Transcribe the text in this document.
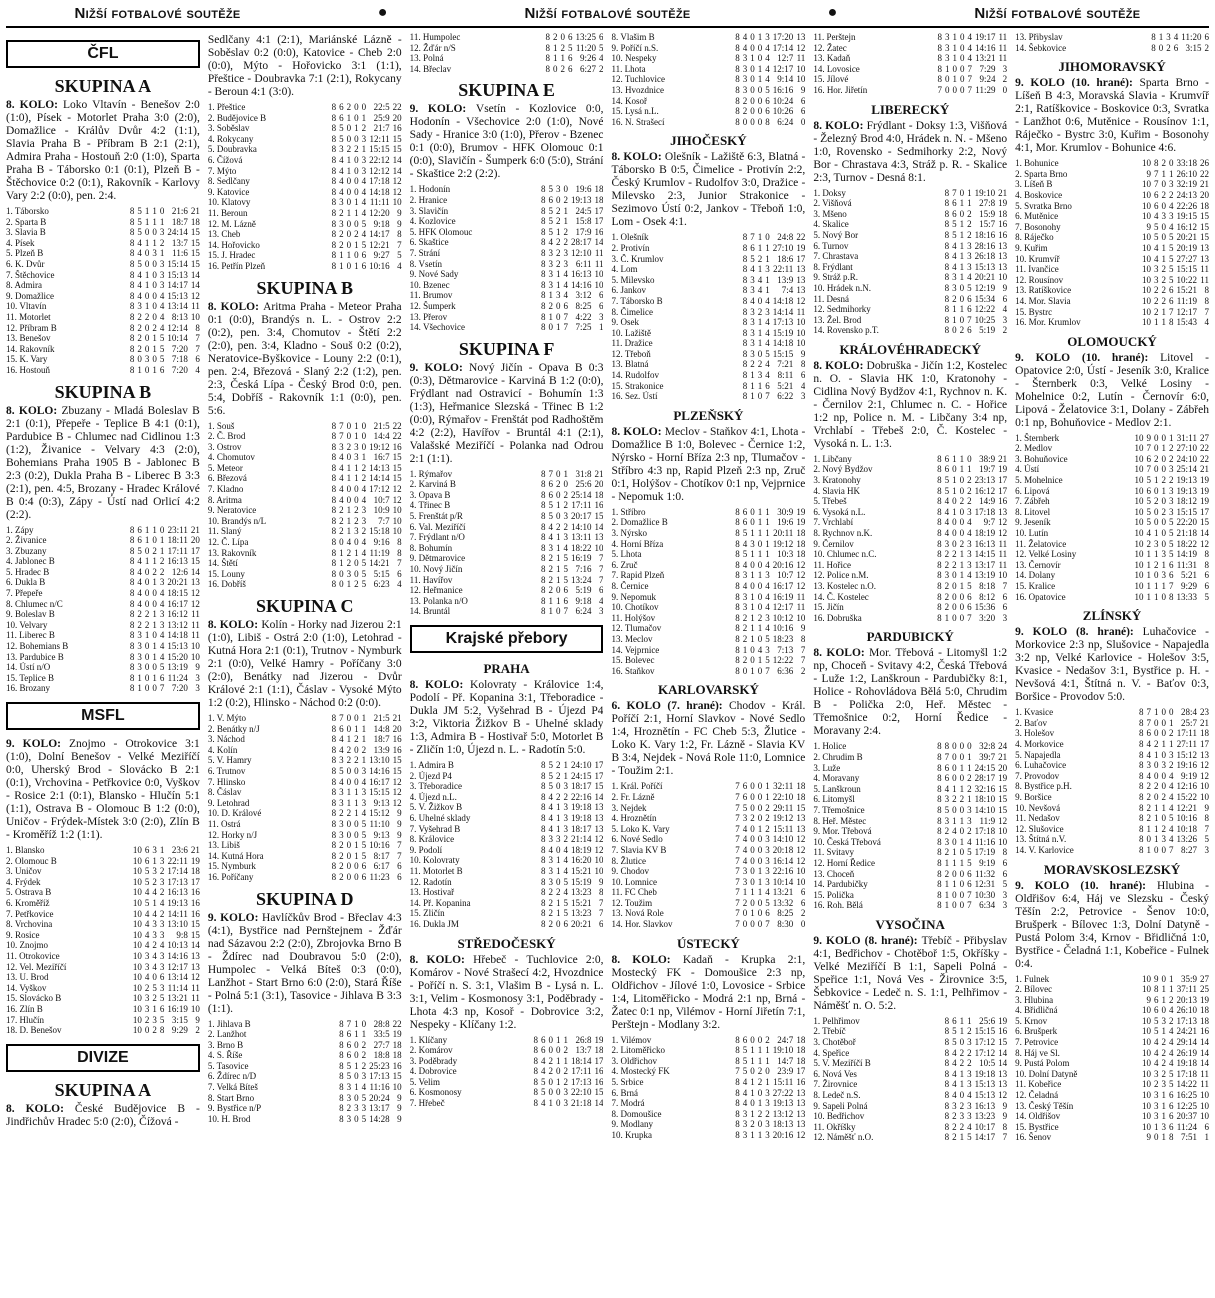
Nižší fotbalové soutěže	●	Nižší fotbalové soutěže	●	Nižší fotbalové soutěže
ČFL
SKUPINA A
8. KOLO: Loko Vltavín - Benešov 2:0 (1:0), Písek - Motorlet Praha 3:0 (2:0), Domažlice - Králův Dvůr 4:2 (1:1), Slavia Praha B - Příbram B 2:1 (2:1), Admira Praha - Hostouň 2:0 (1:0), Sparta Praha B - Táborsko 0:1 (0:1), Plzeň B - Štěchovice 0:2 (0:1), Rakovník - Karlovy Vary 2:2 (0:0), pen. 2:4.
1. Táborsko	8	5	1	1	0	21:6	21
2. Sparta B	8	5	1	1	1	18:7	18
3. Slavia B	8	5	0	0	3	24:14	15
4. Písek	8	4	1	1	2	13:7	15
5. Plzeň B	8	4	0	3	1	11:6	15
6. K. Dvůr	8	5	0	0	3	15:14	15
7. Štěchovice	8	4	1	0	3	15:13	14
8. Admira	8	4	1	0	3	14:17	14
9. Domažlice	8	4	0	0	4	15:13	12
10. Vltavín	8	3	1	0	4	13:14	11
11. Motorlet	8	2	2	0	4	8:13	10
12. Příbram B	8	2	0	2	4	12:14	8
13. Benešov	8	2	0	1	5	10:14	7
14. Rakovník	8	2	0	1	5	7:20	7
15. K. Vary	8	0	3	0	5	7:18	6
16. Hostouň	8	1	0	1	6	7:20	4
SKUPINA B
8. KOLO: Zbuzany - Mladá Boleslav B 2:1 (0:1), Přepeře - Teplice B 4:1 (0:1), Pardubice B - Chlumec nad Cidlinou 1:3 (1:2), Živanice - Velvary 4:3 (2:0), Bohemians Praha 1905 B - Jablonec B 2:3 (0:2), Dukla Praha B - Liberec B 3:3 (2:1), pen. 4:5, Brozany - Hradec Králové B 0:4 (0:3), Zápy - Ústí nad Orlicí 4:2 (2:2).
1. Zápy	8	6	1	1	0	23:11	21
2. Živanice	8	6	1	0	1	18:11	20
3. Zbuzany	8	5	0	2	1	17:11	17
4. Jablonec B	8	4	1	1	2	16:13	15
5. Hradec B	8	4	0	2	2	12:6	14
6. Dukla B	8	4	0	1	3	20:21	13
7. Přepeře	8	4	0	0	4	18:15	12
8. Chlumec n/C	8	4	0	0	4	16:17	12
9. Boleslav B	8	2	2	1	3	16:12	11
10. Velvary	8	2	2	1	3	13:12	11
11. Liberec B	8	3	1	0	4	14:18	11
12. Bohemians B	8	3	0	1	4	15:13	10
13. Pardubice B	8	3	0	1	4	15:20	10
14. Ústí n/O	8	3	0	0	5	13:19	9
15. Teplice B	8	1	0	1	6	11:24	3
16. Brozany	8	1	0	0	7	7:20	3
MSFL
9. KOLO: Znojmo - Otrokovice 3:1 (1:0), Dolní Benešov - Velké Meziříčí 0:0, Uherský Brod - Slovácko B 2:1 (0:1), Vrchovina - Petřkovice 0:0, Vyškov - Rosice 2:1 (0:1), Blansko - Hlučín 5:1 (1:1), Ostrava B - Olomouc B 1:2 (0:0), Uničov - Frýdek-Místek 3:0 (2:0), Zlín B - Kroměříž 1:2 (1:1).
1. Blansko	10	6	3	1	23:6	21
2. Olomouc B	10	6	1	3	22:11	19
3. Uničov	10	5	3	2	17:14	18
4. Frýdek	10	5	2	3	17:13	17
5. Ostrava B	10	4	4	2	16:13	16
6. Kroměříž	10	5	1	4	19:13	16
7. Petřkovice	10	4	4	2	14:11	16
8. Vrchovina	10	4	3	3	13:10	15
9. Rosice	10	4	3	3	9:8	15
10. Znojmo	10	4	2	4	10:13	14
11. Otrokovice	10	3	4	3	14:16	13
12. Vel. Meziříčí	10	3	4	3	12:17	13
13. U. Brod	10	4	0	6	13:14	12
14. Vyškov	10	2	5	3	11:14	11
15. Slovácko B	10	3	2	5	13:21	11
16. Zlín B	10	3	1	6	16:19	10
17. Hlučín	10	2	3	5	3:15	9
18. D. Benešov	10	0	2	8	9:29	2
DIVIZE
SKUPINA A
8. KOLO: České Budějovice B - Jindřichův Hradec 5:0 (2:0), Čížová -
Sedlčany 4:1 (2:1), Mariánské Lázně - Soběslav 0:2 (0:0), Katovice - Cheb 2:0 (0:0), Mýto - Hořovicko 3:1 (1:1), Přeštice - Doubravka 7:1 (2:1), Rokycany - Beroun 4:1 (3:0).
1. Přeštice	8	6	2	0	0	22:5	22
2. Budějovice B	8	6	1	0	1	25:9	20
3. Soběslav	8	5	0	1	2	21:7	16
4. Rokycany	8	5	0	0	3	12:11	15
5. Doubravka	8	3	2	2	1	15:15	15
6. Čížová	8	4	1	0	3	22:12	14
7. Mýto	8	4	1	0	3	12:12	14
8. Sedlčany	8	4	0	0	4	17:18	12
9. Katovice	8	4	0	0	4	14:18	12
10. Klatovy	8	3	0	1	4	11:11	10
11. Beroun	8	2	1	1	4	12:20	9
12. M. Lázně	8	3	0	0	5	9:18	9
13. Cheb	8	2	0	2	4	14:17	8
14. Hořovicko	8	2	0	1	5	12:21	7
15. J. Hradec	8	1	1	0	6	9:27	5
16. Petřín Plzeň	8	1	0	1	6	10:16	4
SKUPINA B
8. KOLO: Aritma Praha - Meteor Praha 0:1 (0:0), Brandýs n. L. - Ostrov 2:2 (0:2), pen. 3:4, Chomutov - Štětí 2:2 (2:0), pen. 3:4, Kladno - Souš 0:2 (0:2), Neratovice-Byškovice - Louny 2:2 (0:1), pen. 2:4, Březová - Slaný 2:2 (1:2), pen. 2:3, Česká Lípa - Český Brod 0:0, pen. 5:4, Dobříš - Rakovník 1:1 (0:0), pen. 5:6.
1. Souš	8	7	0	1	0	21:5	22
2. Č. Brod	8	7	0	1	0	14:4	22
3. Ostrov	8	3	2	3	0	19:12	16
4. Chomutov	8	4	0	3	1	16:7	15
5. Meteor	8	4	1	1	2	14:13	15
6. Březová	8	4	1	1	2	14:14	15
7. Kladno	8	4	0	0	4	17:12	12
8. Aritma	8	4	0	0	4	10:7	12
9. Neratovice	8	2	1	2	3	10:9	10
10. Brandýs n/L	8	2	1	2	3	7:7	10
11. Slaný	8	2	1	3	2	15:18	10
12. Č. Lípa	8	0	4	0	4	9:16	8
13. Rakovník	8	1	2	1	4	11:19	8
14. Štětí	8	1	2	0	5	14:21	7
15. Louny	8	0	3	0	5	5:15	6
16. Dobříš	8	0	1	2	5	6:23	4
SKUPINA C
8. KOLO: Kolín - Horky nad Jizerou 2:1 (1:0), Libiš - Ostrá 2:0 (1:0), Letohrad - Kutná Hora 2:1 (0:1), Trutnov - Nymburk 2:1 (0:0), Velké Hamry - Poříčany 3:0 (2:0), Benátky nad Jizerou - Dvůr Králové 2:1 (1:1), Čáslav - Vysoké Mýto 1:2 (0:2), Hlinsko - Náchod 0:2 (0:0).
1. V. Mýto	8	7	0	0	1	21:5	21
2. Benátky n/J	8	6	0	1	1	14:8	20
3. Náchod	8	4	1	2	1	18:7	16
4. Kolín	8	4	2	0	2	13:9	16
5. V. Hamry	8	3	2	2	1	13:10	15
6. Trutnov	8	5	0	0	3	14:16	15
7. Hlinsko	8	4	0	0	4	16:17	12
8. Čáslav	8	3	1	1	3	15:15	12
9. Letohrad	8	3	1	1	3	9:13	12
10. D. Králové	8	2	2	1	4	15:12	9
11. Ostrá	8	3	0	0	5	11:10	9
12. Horky n/J	8	3	0	0	5	9:13	9
13. Libiš	8	2	0	1	5	10:16	7
14. Kutná Hora	8	2	0	1	5	8:17	7
15. Nymburk	8	2	0	0	6	6:17	6
16. Poříčany	8	2	0	0	6	11:23	6
SKUPINA D
9. KOLO: Havlíčkův Brod - Břeclav 4:3 (4:1), Bystřice nad Pernštejnem - Žďár nad Sázavou 2:2 (2:0), Zbrojovka Brno B - Ždírec nad Doubravou 5:0 (2:0), Humpolec - Velká Bíteš 0:3 (0:0), Lanžhot - Start Brno 6:0 (2:0), Stará Říše - Polná 5:1 (3:1), Tasovice - Jihlava B 3:3 (1:1).
1. Jihlava B	8	7	1	0	28:8	22
2. Lanžhot	8	6	1	1	33:5	19
3. Brno B	8	6	0	2	27:7	18
4. S. Říše	8	6	0	2	18:8	18
5. Tasovice	8	5	1	2	25:23	16
6. Ždírec n/D	8	5	0	3	17:13	15
7. Velká Bíteš	8	3	1	4	11:16	10
8. Start Brno	8	3	0	5	20:24	9
9. Bystřice n/P	8	2	3	3	13:17	9
10. H. Brod	8	3	0	5	14:28	9
11. Humpolec	8	2	0	6	13:25	6
12. Žďár n/S	8	1	2	5	11:20	5
13. Polná	8	1	1	6	9:26	4
14. Břeclav	8	0	2	6	6:27	2
SKUPINA E
9. KOLO: Vsetín - Kozlovice 0:0, Hodonín - Všechovice 2:0 (1:0), Nové Sady - Hranice 3:0 (1:0), Přerov - Bzenec 0:1 (0:0), Brumov - HFK Olomouc 0:1 (0:0), Slavičín - Šumperk 6:0 (5:0), Strání - Skaštice 2:2 (2:2).
1. Hodonín	8	5	3	0	19:6	18
2. Hranice	8	6	0	2	19:13	18
3. Slavičín	8	5	2	1	24:5	17
4. Kozlovice	8	5	2	1	15:8	17
5. HFK Olomouc	8	5	1	2	17:9	16
6. Skaštice	8	4	2	2	28:17	14
7. Strání	8	3	2	3	12:10	11
8. Vsetín	8	3	2	3	6:11	11
9. Nové Sady	8	3	1	4	16:13	10
10. Bzenec	8	3	1	4	14:16	10
11. Brumov	8	1	3	4	3:12	6
12. Šumperk	8	2	0	6	8:25	6
13. Přerov	8	1	0	7	4:22	3
14. Všechovice	8	0	1	7	7:25	1
SKUPINA F
9. KOLO: Nový Jičín - Opava B 0:3 (0:3), Dětmarovice - Karviná B 1:2 (0:0), Frýdlant nad Ostravicí - Bohumín 1:3 (1:3), Heřmanice Slezská - Třinec B 1:2 (0:0), Rýmařov - Frenštát pod Radhoštěm 4:2 (2:2), Havířov - Bruntál 4:1 (2:1), Valašské Meziříčí - Polanka nad Odrou 2:1 (1:1).
1. Rýmařov	8	7	0	1	31:8	21
2. Karviná B	8	6	2	0	25:6	20
3. Opava B	8	6	0	2	25:14	18
4. Třinec B	8	5	1	2	17:11	16
5. Frenštát p/R	8	5	0	3	20:17	15
6. Val. Meziříčí	8	4	2	2	14:10	14
7. Frýdlant n/O	8	4	1	3	13:11	13
8. Bohumín	8	3	1	4	18:22	10
9. Dětmarovice	8	2	1	5	16:19	7
10. Nový Jičín	8	2	1	5	7:16	7
11. Havířov	8	2	1	5	13:24	7
12. Heřmanice	8	2	0	6	5:19	6
13. Polanka n/O	8	1	1	6	9:18	4
14. Bruntál	8	1	0	7	6:24	3
Krajské přebory
PRAHA
8. KOLO: Kolovraty - Královice 1:4, Podolí - Př. Kopanina 3:1, Třeboradice - Dukla JM 5:2, Vyšehrad B - Újezd P4 3:2, Viktoria Žižkov B - Uhelné sklady 1:3, Admira B - Hostivař 5:0, Motorlet B - Zličín 1:0, Újezd n. L. - Radotín 5:0.
1. Admira B	8	5	2	1	24:10	17
2. Újezd P4	8	5	2	1	24:15	17
3. Třeboradice	8	5	0	3	18:17	15
4. Újezd n.L.	8	4	2	2	22:16	14
5. V. Žižkov B	8	4	1	3	19:18	13
6. Uhelné sklady	8	4	1	3	19:18	13
7. Vyšehrad B	8	4	1	3	18:17	13
8. Královice	8	3	3	2	21:14	12
9. Podolí	8	4	0	4	18:19	12
10. Kolovraty	8	3	1	4	16:20	10
11. Motorlet B	8	3	1	4	15:21	10
12. Radotín	8	3	0	5	15:19	9
13. Hostivař	8	2	2	4	13:23	8
14. Př. Kopanina	8	2	1	5	15:21	7
15. Zličín	8	2	1	5	13:23	7
16. Dukla JM	8	2	0	6	20:21	6
STŘEDOČESKÝ
8. KOLO: Hřebeč - Tuchlovice 2:0, Komárov - Nové Strašecí 4:2, Hvozdnice - Poříčí n. S. 3:1, Vlašim B - Lysá n. L. 3:1, Velim - Kosmonosy 3:1, Poděbrady - Lhota 4:3 np, Kosoř - Dobrovice 3:2, Nespeky - Klíčany 1:2.
1. Klíčany	8	6	0	1	1	26:8	19
2. Komárov	8	6	0	0	2	13:7	18
3. Poděbrady	8	4	2	1	1	18:14	17
4. Dobrovice	8	4	2	0	2	17:11	16
5. Velim	8	5	0	1	2	17:13	16
6. Kosmonosy	8	5	0	0	3	22:10	15
7. Hřebeč	8	4	1	0	3	21:18	14
8. Vlašim B	8	4	0	1	3	17:20	13
9. Poříčí n.S.	8	4	0	0	4	17:14	12
10. Nespeky	8	3	1	0	4	12:7	11
11. Lhota	8	3	0	1	4	12:17	10
12. Tuchlovice	8	3	0	1	4	9:14	10
13. Hvozdnice	8	3	0	0	5	16:16	9
14. Kosoř	8	2	0	0	6	10:24	6
15. Lysá n.L.	8	2	0	0	6	10:26	6
16. N. Strašecí	8	0	0	0	8	6:24	0
JIHOČESKÝ
8. KOLO: Olešník - Lažiště 6:3, Blatná - Táborsko B 0:5, Čimelice - Protivín 2:2, Český Krumlov - Rudolfov 3:0, Dražice - Milevsko 2:3, Junior Strakonice - Sezimovo Ústí 0:2, Jankov - Třeboň 1:0, Lom - Osek 4:1.
1. Olešník	8	7	1	0	24:8	22
2. Protivín	8	6	1	1	27:10	19
3. Č. Krumlov	8	5	2	1	18:6	17
4. Lom	8	4	1	3	22:11	13
5. Milevsko	8	3	4	1	13:9	13
6. Jankov	8	3	4	1	7:4	13
7. Táborsko B	8	4	0	4	14:18	12
8. Čimelice	8	3	2	3	14:14	11
9. Osek	8	3	1	4	17:13	10
10. Lažiště	8	3	1	4	15:19	10
11. Dražice	8	3	1	4	14:18	10
12. Třeboň	8	3	0	5	15:15	9
13. Blatná	8	2	2	4	7:21	8
14. Rudolfov	8	1	3	4	8:11	6
15. Strakonice	8	1	1	6	5:21	4
16. Sez. Ústí	8	1	0	7	6:22	3
PLZEŇSKÝ
8. KOLO: Meclov - Staňkov 4:1, Lhota - Domažlice B 1:0, Bolevec - Černice 1:2, Nýrsko - Horní Bříza 2:3 np, Tlumačov - Stříbro 4:3 np, Rapid Plzeň 2:3 np, Zruč 0:1, Holýšov - Chotíkov 0:1 np, Vejprnice - Nepomuk 1:0.
1. Stříbro	8	6	0	1	1	30:9	19
2. Domažlice B	8	6	0	1	1	19:6	19
3. Nýrsko	8	5	1	1	1	20:11	18
4. Horní Bříza	8	4	3	0	1	19:12	18
5. Lhota	8	5	1	1	1	10:3	18
6. Zruč	8	4	0	0	4	20:16	12
7. Rapid Plzeň	8	3	1	1	3	10:7	12
8. Černice	8	4	0	0	4	16:17	12
9. Nepomuk	8	3	1	0	4	16:19	11
10. Chotíkov	8	3	1	0	4	12:17	11
11. Holýšov	8	2	1	2	3	10:12	10
12. Tlumačov	8	2	1	1	4	10:16	9
13. Meclov	8	2	1	0	5	18:23	8
14. Vejprnice	8	1	0	4	3	7:13	7
15. Bolevec	8	2	0	1	5	12:22	7
16. Staňkov	8	0	1	0	7	6:36	2
KARLOVARSKÝ
6. KOLO (7. hrané): Chodov - Král. Poříčí 2:1, Horní Slavkov - Nové Sedlo 1:4, Hroznětín - FC Cheb 5:3, Žlutice - Loko K. Vary 1:2, Fr. Lázně - Slavia KV B 3:4, Nejdek - Nová Role 11:0, Lomnice - Toužim 2:1.
1. Král. Poříčí	7	6	0	0	1	32:11	18
2. Fr. Lázně	7	6	0	0	1	22:10	18
3. Nejdek	7	5	0	0	2	29:11	15
4. Hroznětín	7	3	2	0	2	19:12	13
5. Loko K. Vary	7	4	0	1	2	15:11	13
6. Nové Sedlo	7	4	0	0	3	14:10	12
7. Slavia KV B	7	4	0	0	3	20:18	12
8. Žlutice	7	4	0	0	3	16:14	12
9. Chodov	7	3	0	1	3	22:16	10
10. Lomnice	7	3	0	1	3	10:14	10
11. FC Cheb	7	1	1	1	4	13:21	6
12. Toužim	7	2	0	0	5	13:32	6
13. Nová Role	7	0	1	0	6	8:25	2
14. Hor. Slavkov	7	0	0	0	7	8:30	0
ÚSTECKÝ
8. KOLO: Kadaň - Krupka 2:1, Mostecký FK - Domoušice 2:3 np, Oldřichov - Jílové 1:0, Lovosice - Srbice 1:4, Litoměřicko - Modrá 2:1 np, Brná - Žatec 0:1 np, Vilémov - Horní Jiřetín 7:1, Perštejn - Modlany 3:2.
1. Vilémov	8	6	0	0	2	24:7	18
2. Litoměřicko	8	5	1	1	1	19:10	18
3. Oldřichov	8	5	1	1	1	14:7	18
4. Mostecký FK	7	5	0	2	0	23:9	17
5. Srbice	8	4	1	2	1	15:11	16
6. Brná	8	4	1	0	3	27:22	13
7. Modrá	8	4	0	1	3	19:13	13
8. Domoušice	8	3	1	2	2	13:12	13
9. Modlany	8	3	2	0	3	18:13	13
10. Krupka	8	3	1	1	3	20:16	12
11. Perštejn	8	3	1	0	4	19:17	11
12. Žatec	8	3	1	0	4	14:16	11
13. Kadaň	8	3	1	0	4	13:21	11
14. Lovosice	8	1	0	0	7	7:29	3
15. Jílové	8	0	1	0	7	9:24	2
16. Hor. Jiřetín	7	0	0	0	7	11:29	0
LIBERECKÝ
8. KOLO: Frýdlant - Doksy 1:3, Višňová - Železný Brod 4:0, Hrádek n. N. - Mšeno 1:0, Rovensko - Sedmihorky 2:2, Nový Bor - Chrastava 4:3, Stráž p. R. - Skalice 2:3, Turnov - Desná 8:1.
1. Doksy	8	7	0	1	19:10	21
2. Višňová	8	6	1	1	27:8	19
3. Mšeno	8	6	0	2	15:9	18
4. Skalice	8	5	1	2	15:7	16
5. Nový Bor	8	5	1	2	18:16	16
6. Turnov	8	4	1	3	28:16	13
7. Chrastava	8	4	1	3	26:18	13
8. Frýdlant	8	4	1	3	15:13	13
9. Stráž p.R.	8	3	1	4	20:21	10
10. Hrádek n.N.	8	3	0	5	12:19	9
11. Desná	8	2	0	6	15:34	6
12. Sedmihorky	8	1	1	6	12:22	4
13. Žel. Brod	8	1	0	7	10:25	3
14. Rovensko p.T.	8	0	2	6	5:19	2
KRÁLOVÉHRADECKÝ
8. KOLO: Dobruška - Jičín 1:2, Kostelec n. O. - Slavia HK 1:0, Kratonohy - Cidlina Nový Bydžov 4:1, Rychnov n. K. - Černilov 2:1, Chlumec n. C. - Hořice 1:2 np, Police n. M. - Libčany 3:4 np, Vrchlabí - Třebeš 2:0, Č. Kostelec - Vysoká n. L. 1:3.
1. Libčany	8	6	1	1	0	38:9	21
2. Nový Bydžov	8	6	0	1	1	19:7	19
3. Kratonohy	8	5	1	0	2	23:13	17
4. Slavia HK	8	5	1	0	2	16:12	17
5. Třebeš	8	4	0	2	2	14:9	16
6. Vysoká n.L.	8	4	1	0	3	17:18	13
7. Vrchlabí	8	4	0	0	4	9:7	12
8. Rychnov n.K.	8	4	0	0	4	18:19	12
9. Černilov	8	3	0	2	3	16:13	11
10. Chlumec n.C.	8	2	2	1	3	14:15	11
11. Hořice	8	2	2	1	3	13:17	11
12. Police n.M.	8	3	0	1	4	13:19	10
13. Kostelec n.O.	8	2	0	1	5	8:18	7
14. Č. Kostelec	8	2	0	0	6	8:12	6
15. Jičín	8	2	0	0	6	15:36	6
16. Dobruška	8	1	0	0	7	3:20	3
PARDUBICKÝ
8. KOLO: Mor. Třebová - Litomyšl 1:2 np, Choceň - Svitavy 4:2, Česká Třebová - Luže 1:2, Lanškroun - Pardubičky 8:1, Holice - Rohovládova Bělá 5:0, Chrudim B - Polička 2:0, Heř. Městec - Třemošnice 0:2, Horní Ředice - Moravany 2:4.
1. Holice	8	8	0	0	0	32:8	24
2. Chrudim B	8	7	0	0	1	39:7	21
3. Luže	8	6	0	1	1	24:15	20
4. Moravany	8	6	0	0	2	28:17	19
5. Lanškroun	8	4	1	1	2	32:16	15
6. Litomyšl	8	3	2	2	1	18:10	15
7. Třemošnice	8	5	0	0	3	14:10	15
8. Heř. Městec	8	3	1	1	3	11:9	12
9. Mor. Třebová	8	2	4	0	2	17:18	10
10. Česká Třebová	8	3	0	1	4	11:16	10
11. Svitavy	8	2	1	0	5	17:19	8
12. Horní Ředice	8	1	1	1	5	9:19	6
13. Choceň	8	2	0	0	6	11:32	6
14. Pardubičky	8	1	1	0	6	12:31	5
15. Polička	8	1	0	0	7	10:30	3
16. Roh. Bělá	8	1	0	0	7	6:34	3
VYSOČINA
9. KOLO (8. hrané): Třebíč - Přibyslav 4:1, Bedřichov - Chotěboř 1:5, Okříšky - Velké Meziříčí B 1:1, Sapeli Polná - Speřice 1:1, Nová Ves - Žirovnice 3:5, Šebkovice - Ledeč n. S. 1:1, Pelhřimov - Náměšť n. O. 5:2.
1. Pelhřimov	8	6	1	1	25:6	19
2. Třebíč	8	5	1	2	15:15	16
3. Chotěboř	8	5	0	3	17:12	15
4. Speřice	8	4	2	2	17:12	14
5. V. Meziříčí B	8	4	2	2	10:5	14
6. Nová Ves	8	4	1	3	19:18	13
7. Žirovnice	8	4	1	3	15:13	13
8. Ledeč n.S.	8	4	0	4	15:13	12
9. Sapeli Polná	8	3	2	3	16:13	9
10. Bedřichov	8	2	3	3	13:23	9
11. Okříšky	8	2	2	4	10:17	8
12. Náměšť n.O.	8	2	1	5	14:17	7
13. Přibyslav	8	1	3	4	11:20	6
14. Šebkovice	8	0	2	6	3:15	2
JIHOMORAVSKÝ
9. KOLO (10. hrané): Sparta Brno - Líšeň B 4:3, Moravská Slavia - Krumvíř 2:1, Ratíškovice - Boskovice 0:3, Svratka - Lanžhot 0:6, Mutěnice - Rousínov 1:1, Ráječko - Bystrc 3:0, Kuřim - Bosonohy 4:1, Mor. Krumlov - Bohunice 4:6.
1. Bohunice	10	8	2	0	33:18	26
2. Sparta Brno	9	7	1	1	26:10	22
3. Líšeň B	10	7	0	3	32:19	21
4. Boskovice	10	6	2	2	24:13	20
5. Svratka Brno	10	6	0	4	22:26	18
6. Mutěnice	10	4	3	3	19:15	15
7. Bosonohy	9	5	0	4	16:12	15
8. Ráječko	10	5	0	5	20:21	15
9. Kuřim	10	4	1	5	20:19	13
10. Krumvíř	10	4	1	5	27:27	13
11. Ivančice	10	3	2	5	15:15	11
12. Rousínov	10	3	2	5	10:22	11
13. Ratíškovice	10	2	2	6	15:21	8
14. Mor. Slavia	10	2	2	6	11:19	8
15. Bystrc	10	2	1	7	12:17	7
16. Mor. Krumlov	10	1	1	8	15:43	4
OLOMOUCKÝ
9. KOLO (10. hrané): Litovel - Opatovice 2:0, Ústí - Jeseník 3:0, Kralice - Šternberk 0:3, Velké Losiny - Mohelnice 0:2, Lutín - Černovír 6:0, Lipová - Želatovice 3:1, Dolany - Zábřeh 0:1 np, Bohuňovice - Medlov 2:1.
1. Šternberk	10	9	0	0	1	31:11	27
2. Medlov	10	7	0	1	2	27:10	22
3. Bohuňovice	10	6	2	0	2	24:10	22
4. Ústí	10	7	0	0	3	25:14	21
5. Mohelnice	10	5	1	2	2	19:13	19
6. Lipová	10	6	0	1	3	19:13	19
7. Zábřeh	10	5	2	0	3	18:12	19
8. Litovel	10	5	0	2	3	15:15	17
9. Jeseník	10	5	0	0	5	22:20	15
10. Lutín	10	4	1	0	5	21:18	14
11. Želatovice	10	2	3	0	5	18:22	12
12. Velké Losiny	10	1	1	3	5	14:19	8
13. Černovír	10	1	2	1	6	11:31	8
14. Dolany	10	1	0	3	6	5:21	6
15. Kralice	10	1	1	1	7	9:29	6
16. Opatovice	10	1	1	0	8	13:33	5
ZLÍNSKÝ
9. KOLO (8. hrané): Luhačovice - Morkovice 2:3 np, Slušovice - Napajedla 3:2 np, Velké Karlovice - Holešov 3:5, Kvasice - Nedašov 3:1, Bystřice p. H. - Nevšová 4:1, Štítná n. V. - Baťov 0:3, Boršice - Provodov 5:0.
1. Kvasice	8	7	1	0	0	28:4	23
2. Baťov	8	7	0	0	1	25:7	21
3. Holešov	8	6	0	0	2	17:11	18
4. Morkovice	8	4	2	1	1	27:11	17
5. Napajedla	8	4	1	0	3	15:12	13
6. Luhačovice	8	3	0	3	2	19:16	12
7. Provodov	8	4	0	0	4	9:19	12
8. Bystřice p.H.	8	2	2	0	4	12:16	10
9. Boršice	8	2	0	2	4	15:22	10
10. Nevšová	8	2	1	1	4	12:21	9
11. Nedašov	8	2	1	0	5	10:16	8
12. Slušovice	8	1	1	2	4	10:18	7
13. Štítná n.V.	8	0	1	3	4	13:26	5
14. V. Karlovice	8	1	0	0	7	8:27	3
MORAVSKOSLEZSKÝ
9. KOLO (10. hrané): Hlubina - Oldřišov 6:4, Háj ve Slezsku - Český Těšín 2:2, Petrovice - Šenov 10:0, Brušperk - Bílovec 1:3, Dolní Datyně - Pustá Polom 3:4, Krnov - Břidličná 1:0, Bystřice - Čeladná 1:1, Kobeřice - Fulnek 0:4.
1. Fulnek	10	9	0	1	35:9	27
2. Bílovec	10	8	1	1	37:11	25
3. Hlubina	9	6	1	2	20:13	19
4. Břidličná	10	6	0	4	26:10	18
5. Krnov	10	5	3	2	17:13	18
6. Brušperk	10	5	1	4	24:21	16
7. Petrovice	10	4	2	4	29:14	14
8. Háj ve Sl.	10	4	2	4	26:19	14
9. Pustá Polom	10	4	2	4	19:18	14
10. Dolní Datyně	10	3	2	5	17:18	11
11. Kobeřice	10	2	3	5	14:22	11
12. Čeladná	10	3	1	6	16:25	10
13. Český Těšín	10	3	1	6	12:25	10
14. Oldřišov	10	3	1	6	20:37	10
15. Bystřice	10	1	3	6	11:24	6
16. Šenov	9	0	1	8	7:51	1
